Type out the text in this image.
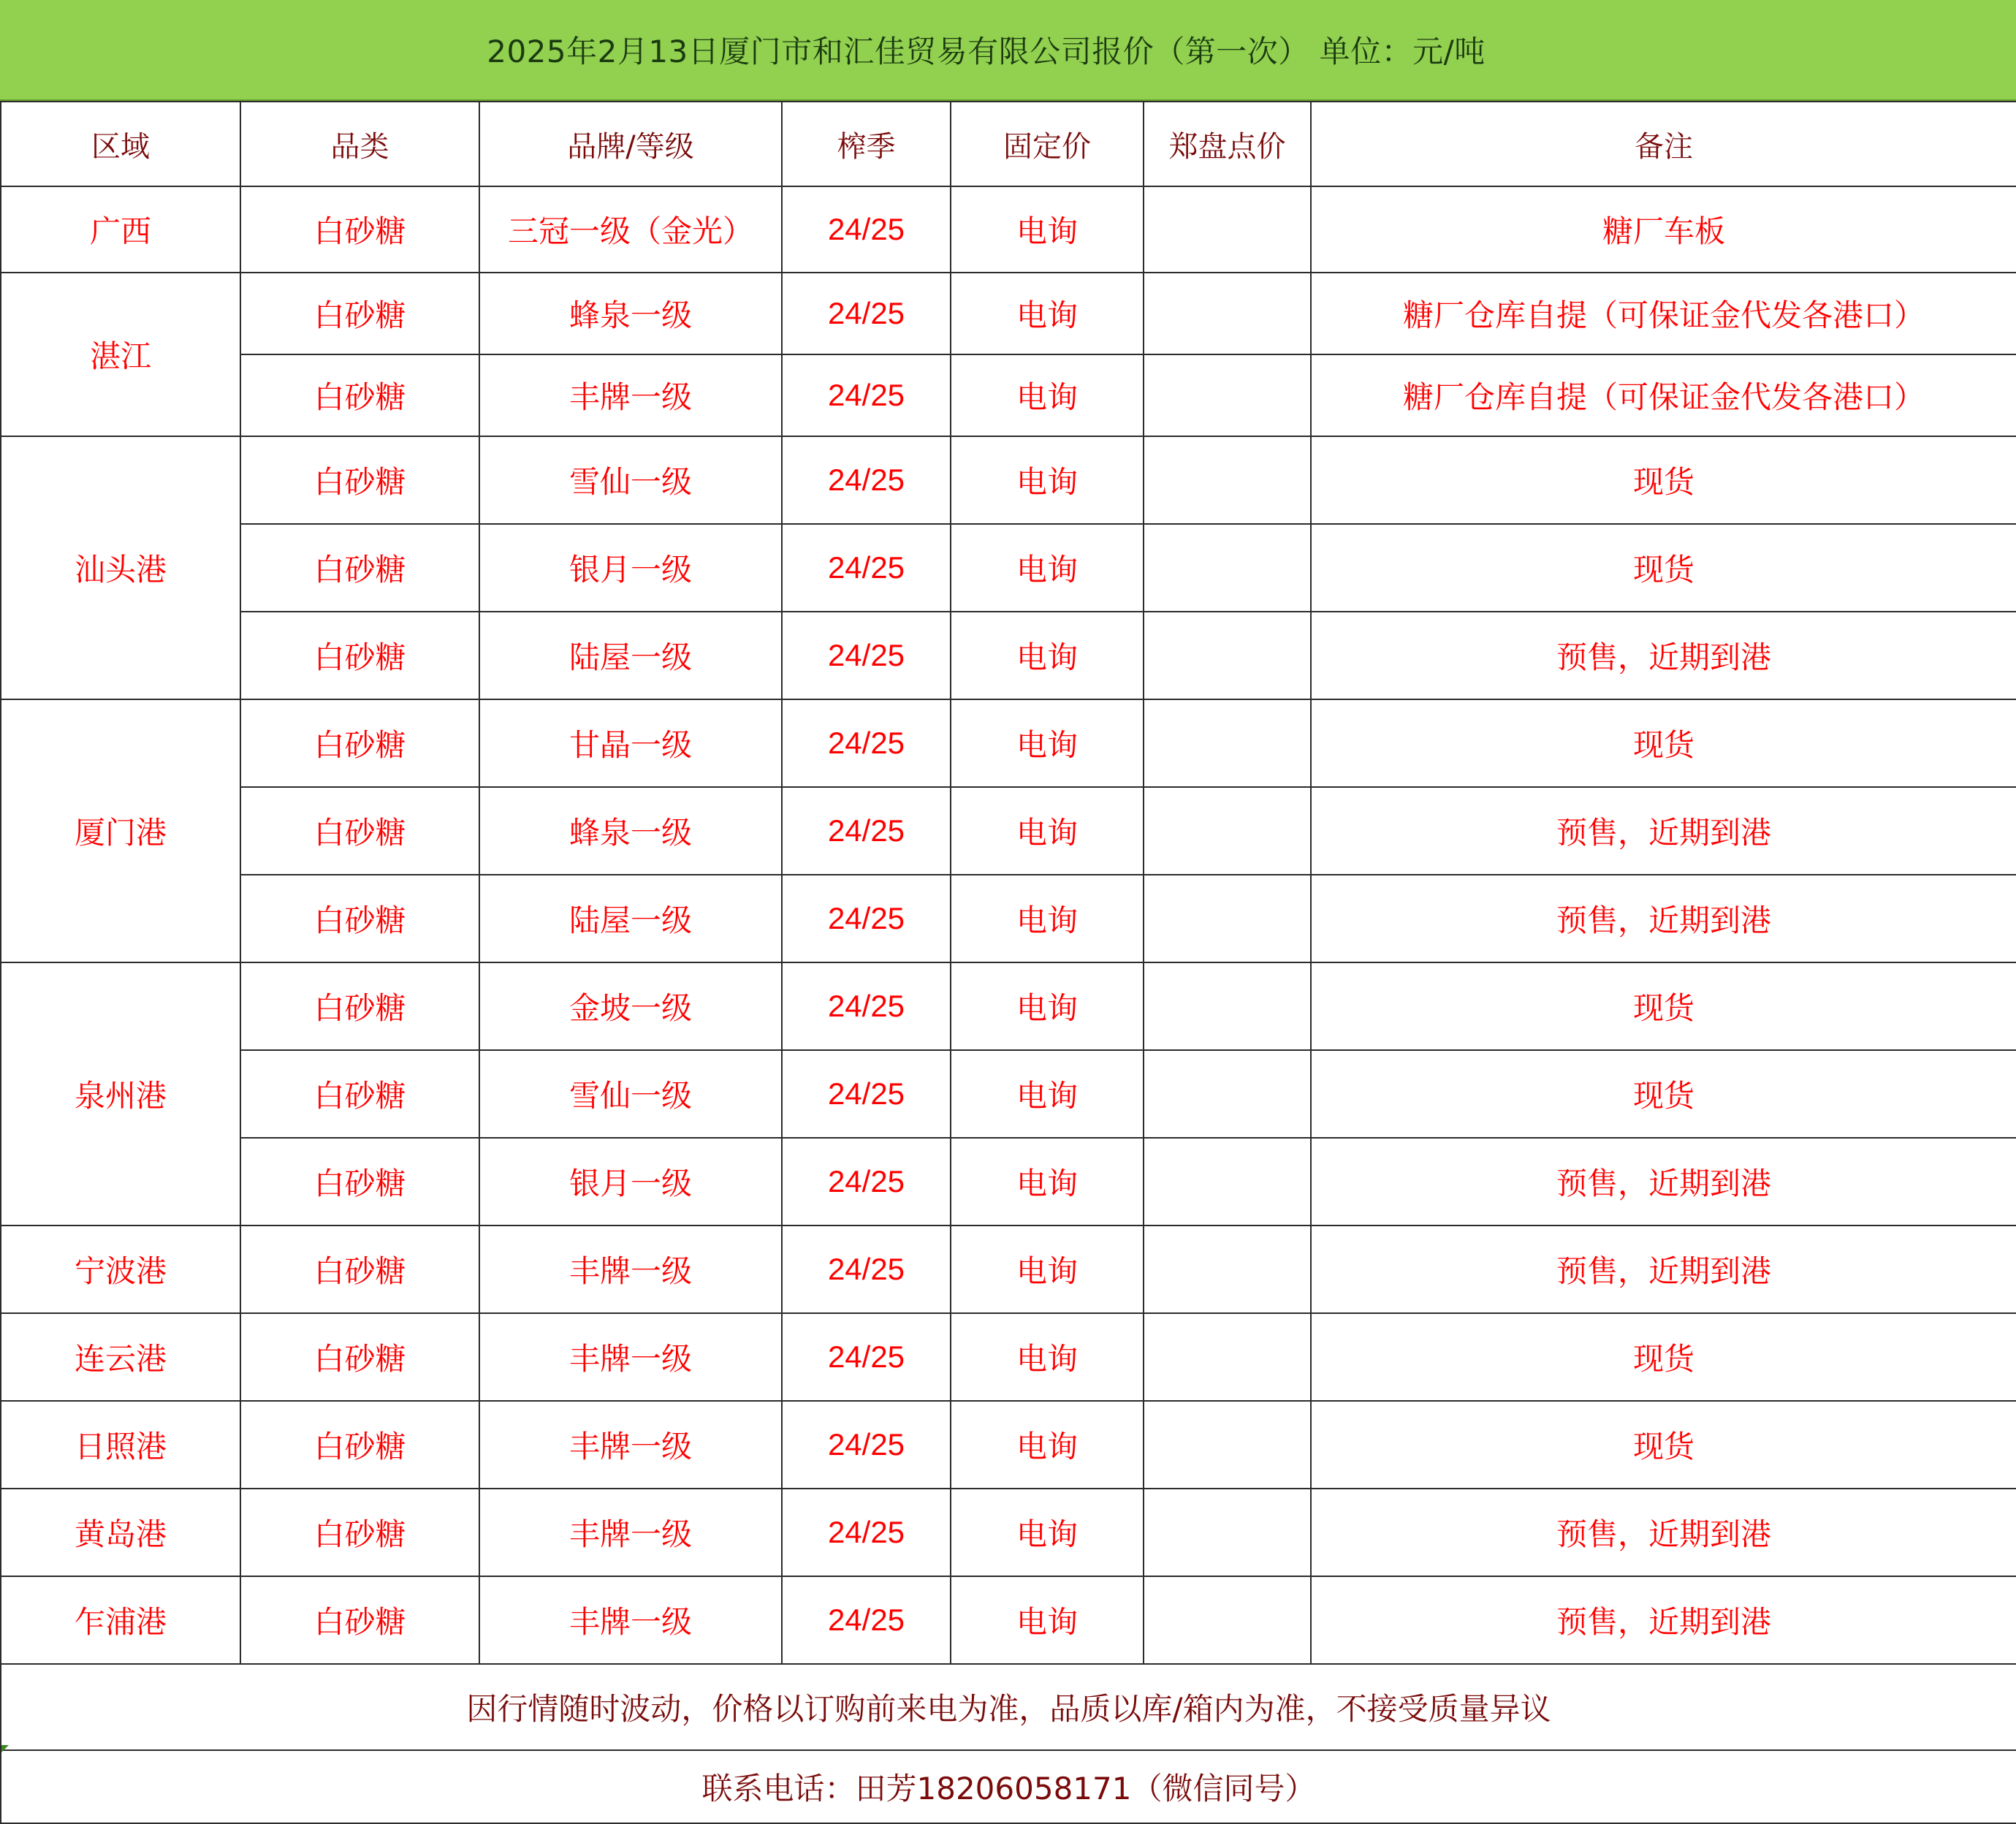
2025年2月13日厦门市和汇佳贸易有限公司报价（第一次） 单位：元/吨
区域	品类	品牌/等级	榨季	固定价	郑盘点价	备注
广西	白砂糖	三冠一级（金光）	24/25	电询		糖厂车板
湛江	白砂糖	蜂泉一级	24/25	电询		糖厂仓库自提（可保证金代发各港口）
	白砂糖	丰牌一级	24/25	电询		糖厂仓库自提（可保证金代发各港口）
汕头港	白砂糖	雪仙一级	24/25	电询		现货
	白砂糖	银月一级	24/25	电询		现货
	白砂糖	陆屋一级	24/25	电询		预售，近期到港
厦门港	白砂糖	甘晶一级	24/25	电询		现货
	白砂糖	蜂泉一级	24/25	电询		预售，近期到港
	白砂糖	陆屋一级	24/25	电询		预售，近期到港
泉州港	白砂糖	金坡一级	24/25	电询		现货
	白砂糖	雪仙一级	24/25	电询		现货
	白砂糖	银月一级	24/25	电询		预售，近期到港
宁波港	白砂糖	丰牌一级	24/25	电询		预售，近期到港
连云港	白砂糖	丰牌一级	24/25	电询		现货
日照港	白砂糖	丰牌一级	24/25	电询		现货
黄岛港	白砂糖	丰牌一级	24/25	电询		预售，近期到港
乍浦港	白砂糖	丰牌一级	24/25	电询		预售，近期到港
因行情随时波动，价格以订购前来电为准，品质以库/箱内为准，不接受质量异议						
联系电话：田芳18206058171（微信同号）						
